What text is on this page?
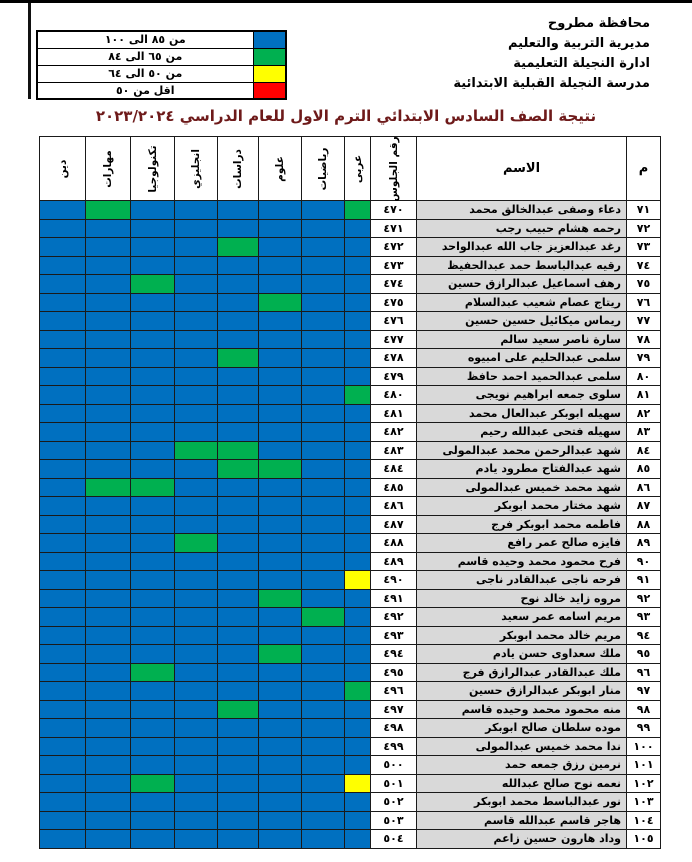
محافظة مطروح
مديرية التربية والتعليم
ادارة النجيلة التعليمية
مدرسة النجيلة القبلية الابتدائية
	من ٨٥ الى ١٠٠
	من ٦٥ الى ٨٤
	من ٥٠ الى ٦٤
	اقل من ٥٠
نتيجة الصف السادس الابتدائي الترم الاول للعام الدراسي ٢٠٢٣/٢٠٢٤
م	الاسم	رقم الجلوس	عربى	رياضيات	علوم	دراسات	انجليزي	تكنولوجيا	مهارات	دين

٧١	دعاء وصفى عبدالخالق محمد	٤٧٠								
٧٢	رحمه هشام حبيب رجب	٤٧١								
٧٣	رغد عبدالعزيز جاب الله عبدالواحد	٤٧٢								
٧٤	رقيه عبدالباسط حمد عبدالحفيظ	٤٧٣								
٧٥	رهف اسماعيل عبدالرازق حسين	٤٧٤								
٧٦	ريتاج عصام شعيب عبدالسلام	٤٧٥								
٧٧	ريماس ميكائيل حسين حسين	٤٧٦								
٧٨	سارة ناصر سعيد سالم	٤٧٧								
٧٩	سلمى عبدالحليم على امبيوه	٤٧٨								
٨٠	سلمى عبدالحميد احمد حافظ	٤٧٩								
٨١	سلوى جمعه ابراهيم نويجى	٤٨٠								
٨٢	سهيله ابوبكر عبدالعال محمد	٤٨١								
٨٣	سهيله فتحى عبدالله رحيم	٤٨٢								
٨٤	شهد عبدالرحمن محمد عبدالمولى	٤٨٣								
٨٥	شهد عبدالفتاح مطرود يادم	٤٨٤								
٨٦	شهد محمد خميس عبدالمولى	٤٨٥								
٨٧	شهد مختار محمد ابوبكر	٤٨٦								
٨٨	فاطمه محمد ابوبكر فرج	٤٨٧								
٨٩	فايزه صالح عمر رافع	٤٨٨								
٩٠	فرح محمود محمد وحيده قاسم	٤٨٩								
٩١	فرحه ناجى عبدالقادر ناجى	٤٩٠								
٩٢	مروه زايد خالد نوح	٤٩١								
٩٣	مريم اسامه عمر سعيد	٤٩٢								
٩٤	مريم خالد محمد ابوبكر	٤٩٣								
٩٥	ملك سعداوى حسن يادم	٤٩٤								
٩٦	ملك عبدالقادر عبدالرازق فرج	٤٩٥								
٩٧	منار ابوبكر عبدالرازق حسين	٤٩٦								
٩٨	منه محمود محمد وحيده قاسم	٤٩٧								
٩٩	موده سلطان صالح ابوبكر	٤٩٨								
١٠٠	ندا محمد خميس عبدالمولى	٤٩٩								
١٠١	نرمين رزق جمعه حمد	٥٠٠								
١٠٢	نعمه نوح صالح عبدالله	٥٠١								
١٠٣	نور عبدالباسط محمد ابوبكر	٥٠٢								
١٠٤	هاجر قاسم عبدالله قاسم	٥٠٣								
١٠٥	وداد هارون حسين زاعم	٥٠٤								
